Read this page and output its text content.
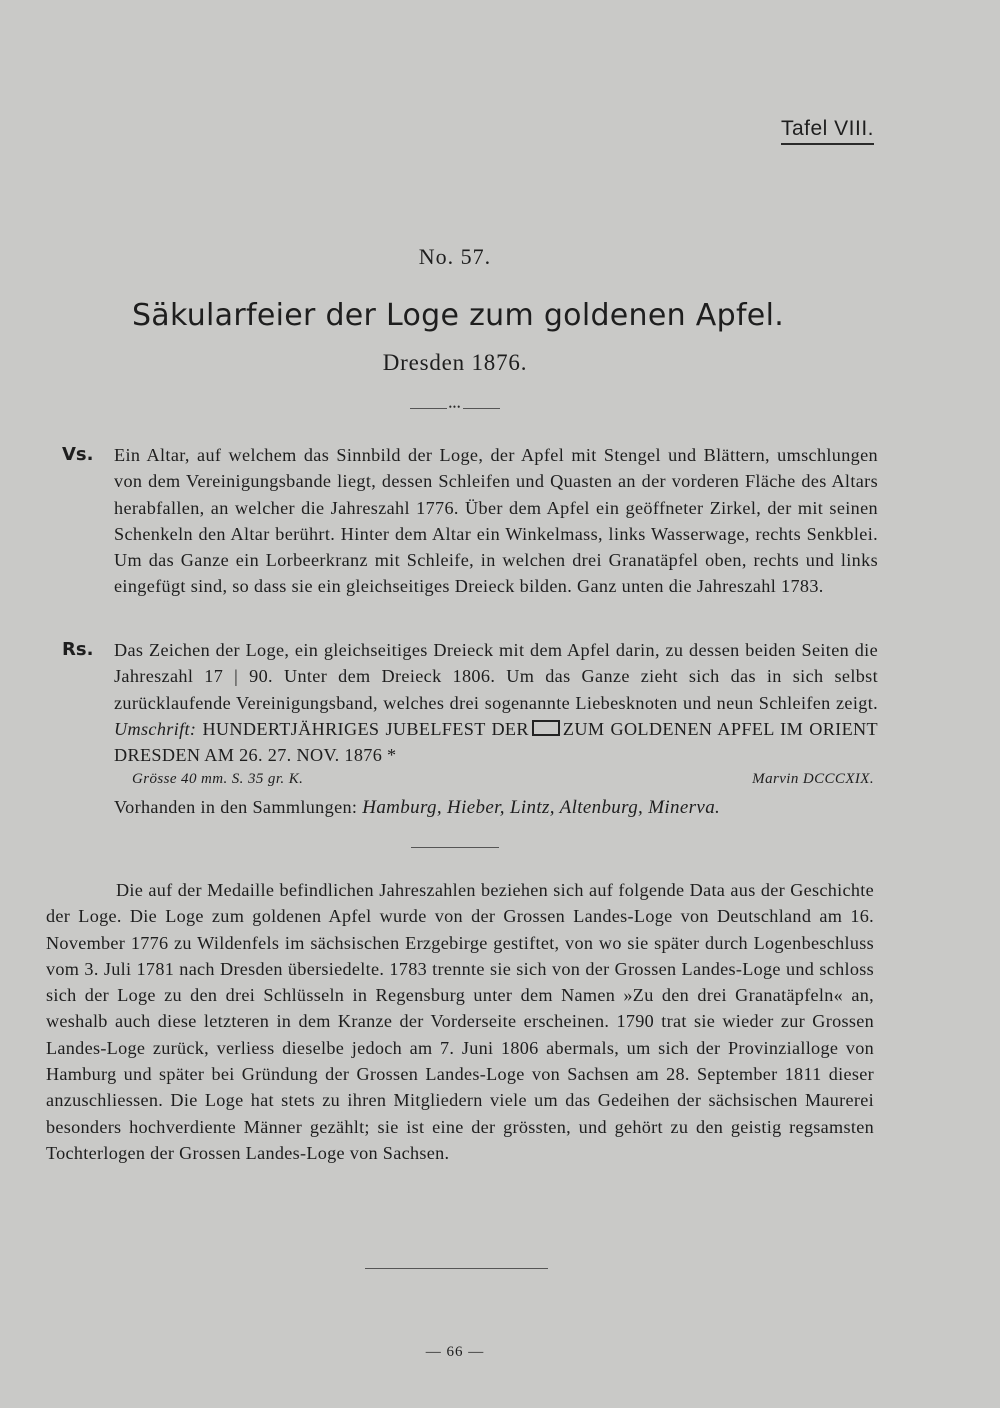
Tafel VIII.
No. 57.
Säkularfeier der Loge zum goldenen Apfel.
Dresden 1876.
•••
Vs. Ein Altar, auf welchem das Sinnbild der Loge, der Apfel mit Stengel und Blättern, umschlungen von dem Vereinigungsbande liegt, dessen Schleifen und Quasten an der vorderen Fläche des Altars herabfallen, an welcher die Jahreszahl 1776. Über dem Apfel ein geöffneter Zirkel, der mit seinen Schenkeln den Altar berührt. Hinter dem Altar ein Winkelmass, links Wasserwage, rechts Senkblei. Um das Ganze ein Lorbeerkranz mit Schleife, in welchen drei Granatäpfel oben, rechts und links eingefügt sind, so dass sie ein gleichseitiges Dreieck bilden. Ganz unten die Jahreszahl 1783.
Rs. Das Zeichen der Loge, ein gleichseitiges Dreieck mit dem Apfel darin, zu dessen beiden Seiten die Jahreszahl 17 | 90. Unter dem Dreieck 1806. Um das Ganze zieht sich das in sich selbst zurücklaufende Vereinigungsband, welches drei sogenannte Liebesknoten und neun Schleifen zeigt. Umschrift: HUNDERTJÄHRIGES JUBELFEST DER ZUM GOLDENEN APFEL IM ORIENT DRESDEN AM 26. 27. NOV. 1876 *
Grösse 40 mm. S. 35 gr. K.	Marvin DCCCXIX.
Vorhanden in den Sammlungen: Hamburg, Hieber, Lintz, Altenburg, Minerva.
Die auf der Medaille befindlichen Jahreszahlen beziehen sich auf folgende Data aus der Geschichte der Loge. Die Loge zum goldenen Apfel wurde von der Grossen Landes-Loge von Deutschland am 16. November 1776 zu Wildenfels im sächsischen Erzgebirge gestiftet, von wo sie später durch Logenbeschluss vom 3. Juli 1781 nach Dresden übersiedelte. 1783 trennte sie sich von der Grossen Landes-Loge und schloss sich der Loge zu den drei Schlüsseln in Regensburg unter dem Namen »Zu den drei Granatäpfeln« an, weshalb auch diese letzteren in dem Kranze der Vorderseite erscheinen. 1790 trat sie wieder zur Grossen Landes-Loge zurück, verliess dieselbe jedoch am 7. Juni 1806 abermals, um sich der Provinzialloge von Hamburg und später bei Gründung der Grossen Landes-Loge von Sachsen am 28. September 1811 dieser anzuschliessen. Die Loge hat stets zu ihren Mitgliedern viele um das Gedeihen der sächsischen Maurerei besonders hochverdiente Männer gezählt; sie ist eine der grössten, und gehört zu den geistig regsamsten Tochterlogen der Grossen Landes-Loge von Sachsen.
— 66 —
